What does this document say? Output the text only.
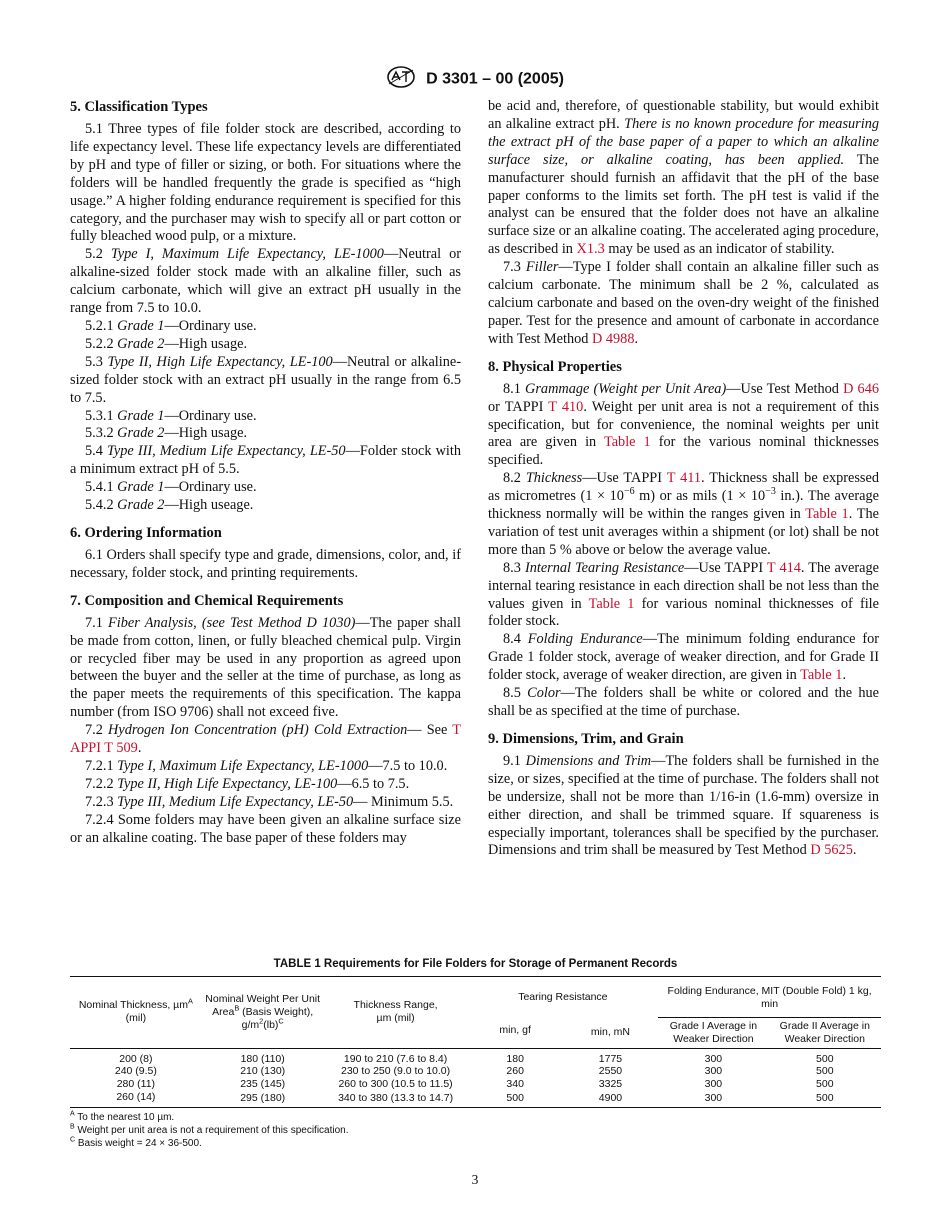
D 3301 – 00 (2005)
5. Classification Types

5.1 Three types of file folder stock are described, according to life expectancy level. These life expectancy levels are differentiated by pH and type of filler or sizing, or both. For situations where the folders will be handled frequently the grade is specified as “high usage.” A higher folding endurance requirement is specified for this category, and the purchaser may wish to specify all or part cotton or fully bleached wood pulp, or a mixture.

5.2 Type I, Maximum Life Expectancy, LE-1000—Neutral or alkaline-sized folder stock made with an alkaline filler, such as calcium carbonate, which will give an extract pH usually in the range from 7.5 to 10.0.

5.2.1 Grade 1—Ordinary use.

5.2.2 Grade 2—High usage.

5.3 Type II, High Life Expectancy, LE-100—Neutral or alkaline-sized folder stock with an extract pH usually in the range from 6.5 to 7.5.

5.3.1 Grade 1—Ordinary use.

5.3.2 Grade 2—High usage.

5.4 Type III, Medium Life Expectancy, LE-50—Folder stock with a minimum extract pH of 5.5.

5.4.1 Grade 1—Ordinary use.

5.4.2 Grade 2—High useage.

6. Ordering Information

6.1 Orders shall specify type and grade, dimensions, color, and, if necessary, folder stock, and printing requirements.

7. Composition and Chemical Requirements

7.1 Fiber Analysis, (see Test Method D 1030)—The paper shall be made from cotton, linen, or fully bleached chemical pulp. Virgin or recycled fiber may be used in any proportion as agreed upon between the buyer and the seller at the time of purchase, as long as the paper meets the requirements of this specification. The kappa number (from ISO 9706) shall not exceed five.

7.2 Hydrogen Ion Concentration (pH) Cold Extraction— See T APPI T 509.

7.2.1 Type I, Maximum Life Expectancy, LE-1000—7.5 to 10.0.

7.2.2 Type II, High Life Expectancy, LE-100—6.5 to 7.5.

7.2.3 Type III, Medium Life Expectancy, LE-50— Minimum 5.5.

7.2.4 Some folders may have been given an alkaline surface size or an alkaline coating. The base paper of these folders may

be acid and, therefore, of questionable stability, but would exhibit an alkaline extract pH. There is no known procedure for measuring the extract pH of the base paper of a paper to which an alkaline surface size, or alkaline coating, has been applied. The manufacturer should furnish an affidavit that the pH of the base paper conforms to the limits set forth. The pH test is valid if the analyst can be ensured that the folder does not have an alkaline surface size or an alkaline coating. The accelerated aging procedure, as described in X1.3 may be used as an indicator of stability.

7.3 Filler—Type I folder shall contain an alkaline filler such as calcium carbonate. The minimum shall be 2 %, calculated as calcium carbonate and based on the oven-dry weight of the finished paper. Test for the presence and amount of carbonate in accordance with Test Method D 4988.

8. Physical Properties

8.1 Grammage (Weight per Unit Area)—Use Test Method D 646 or TAPPI T 410. Weight per unit area is not a requirement of this specification, but for convenience, the nominal weights per unit area are given in Table 1 for the various nominal thicknesses specified.

8.2 Thickness—Use TAPPI T 411. Thickness shall be expressed as micrometres ($1 \times 10^{-6}$ m) or as mils ($1 \times 10^{-3}$ in.). The average thickness normally will be within the ranges given in Table 1. The variation of test unit averages within a shipment (or lot) shall be not more than 5 % above or below the average value.

8.3 Internal Tearing Resistance—Use TAPPI T 414. The average internal tearing resistance in each direction shall be not less than the values given in Table 1 for various nominal thicknesses of file folder stock.

8.4 Folding Endurance—The minimum folding endurance for Grade 1 folder stock, average of weaker direction, and for Grade II folder stock, average of weaker direction, are given in Table 1.

8.5 Color—The folders shall be white or colored and the hue shall be as specified at the time of purchase.

9. Dimensions, Trim, and Grain

9.1 Dimensions and Trim—The folders shall be furnished in the size, or sizes, specified at the time of purchase. The folders shall not be undersize, shall not be more than 1/16-in (1.6-mm) oversize in either direction, and shall be trimmed square. If squareness is especially important, tolerances shall be specified by the purchaser. Dimensions and trim shall be measured by Test Method D 5625.

TABLE 1 Requirements for File Folders for Storage of Permanent Records
Nominal Thickness, µm$^A$
(mil)	Nominal Weight Per Unit Area$^B$ (Basis Weight), $g/m^2(lb)^C$	Thickness Range,
µm (mil)	Tearing Resistance		Folding Endurance, MIT (Double Fold) 1 kg, min	
			min, gf	min, mN	Grade I Average in Weaker Direction	Grade II Average in Weaker Direction
200 (8)	180 (110)	190 to 210 (7.6 to 8.4)	180	1775	300	500
240 (9.5)	210 (130)	230 to 250 (9.0 to 10.0)	260	2550	300	500
280 (11)	235 (145)	260 to 300 (10.5 to 11.5)	340	3325	300	500
260 (14)	295 (180)	340 to 380 (13.3 to 14.7)	500	4900	300	500
$^A$ To the nearest 10 µm.
$^B$ Weight per unit area is not a requirement of this specification.
$^C$ Basis weight = 24 × 36-500.
3
